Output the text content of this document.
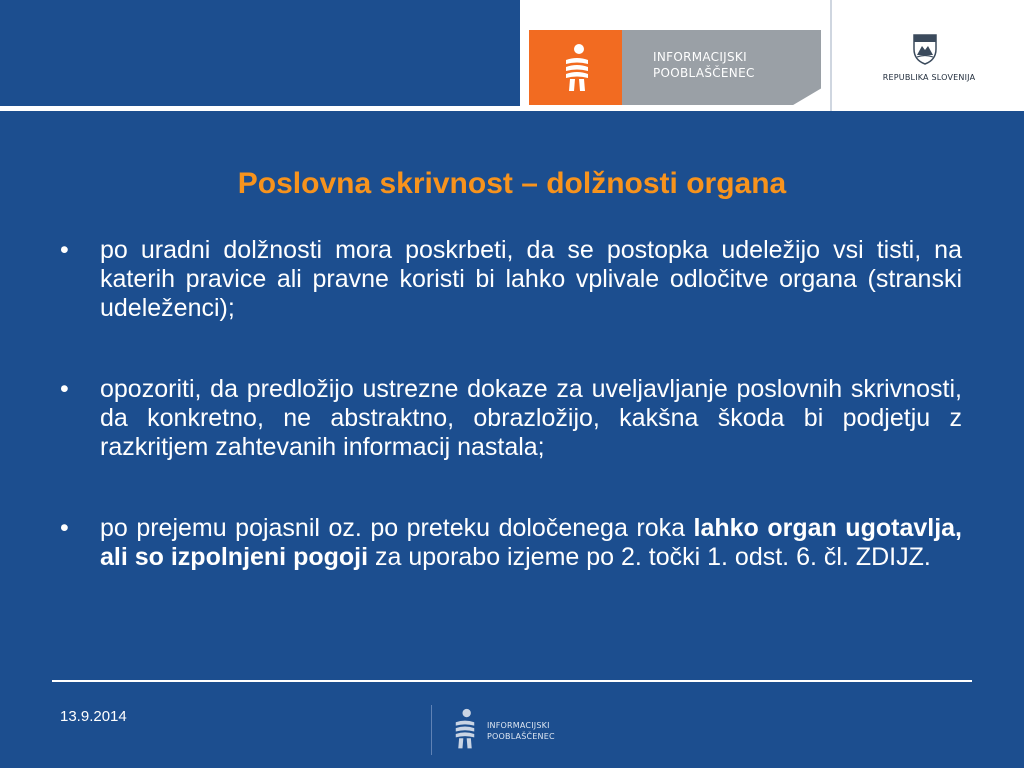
INFORMACIJSKI
POOBLAŠČENEC	REPUBLIKA SLOVENIJA
Poslovna skrivnost – dolžnosti organa

• po uradni dolžnosti mora poskrbeti, da se postopka udeležijo vsi tisti, na katerih pravice ali pravne koristi bi lahko vplivale odločitve organa (stranski udeleženci);

• opozoriti, da predložijo ustrezne dokaze za uveljavljanje poslovnih skrivnosti, da konkretno, ne abstraktno, obrazložijo, kakšna škoda bi podjetju z razkritjem zahtevanih informacij nastala;

• po prejemu pojasnil oz. po preteku določenega roka lahko organ ugotavlja, ali so izpolnjeni pogoji za uporabo izjeme po 2. točki 1. odst. 6. čl. ZDIJZ.

13.9.2014
INFORMACIJSKI
POOBLAŠČENEC
